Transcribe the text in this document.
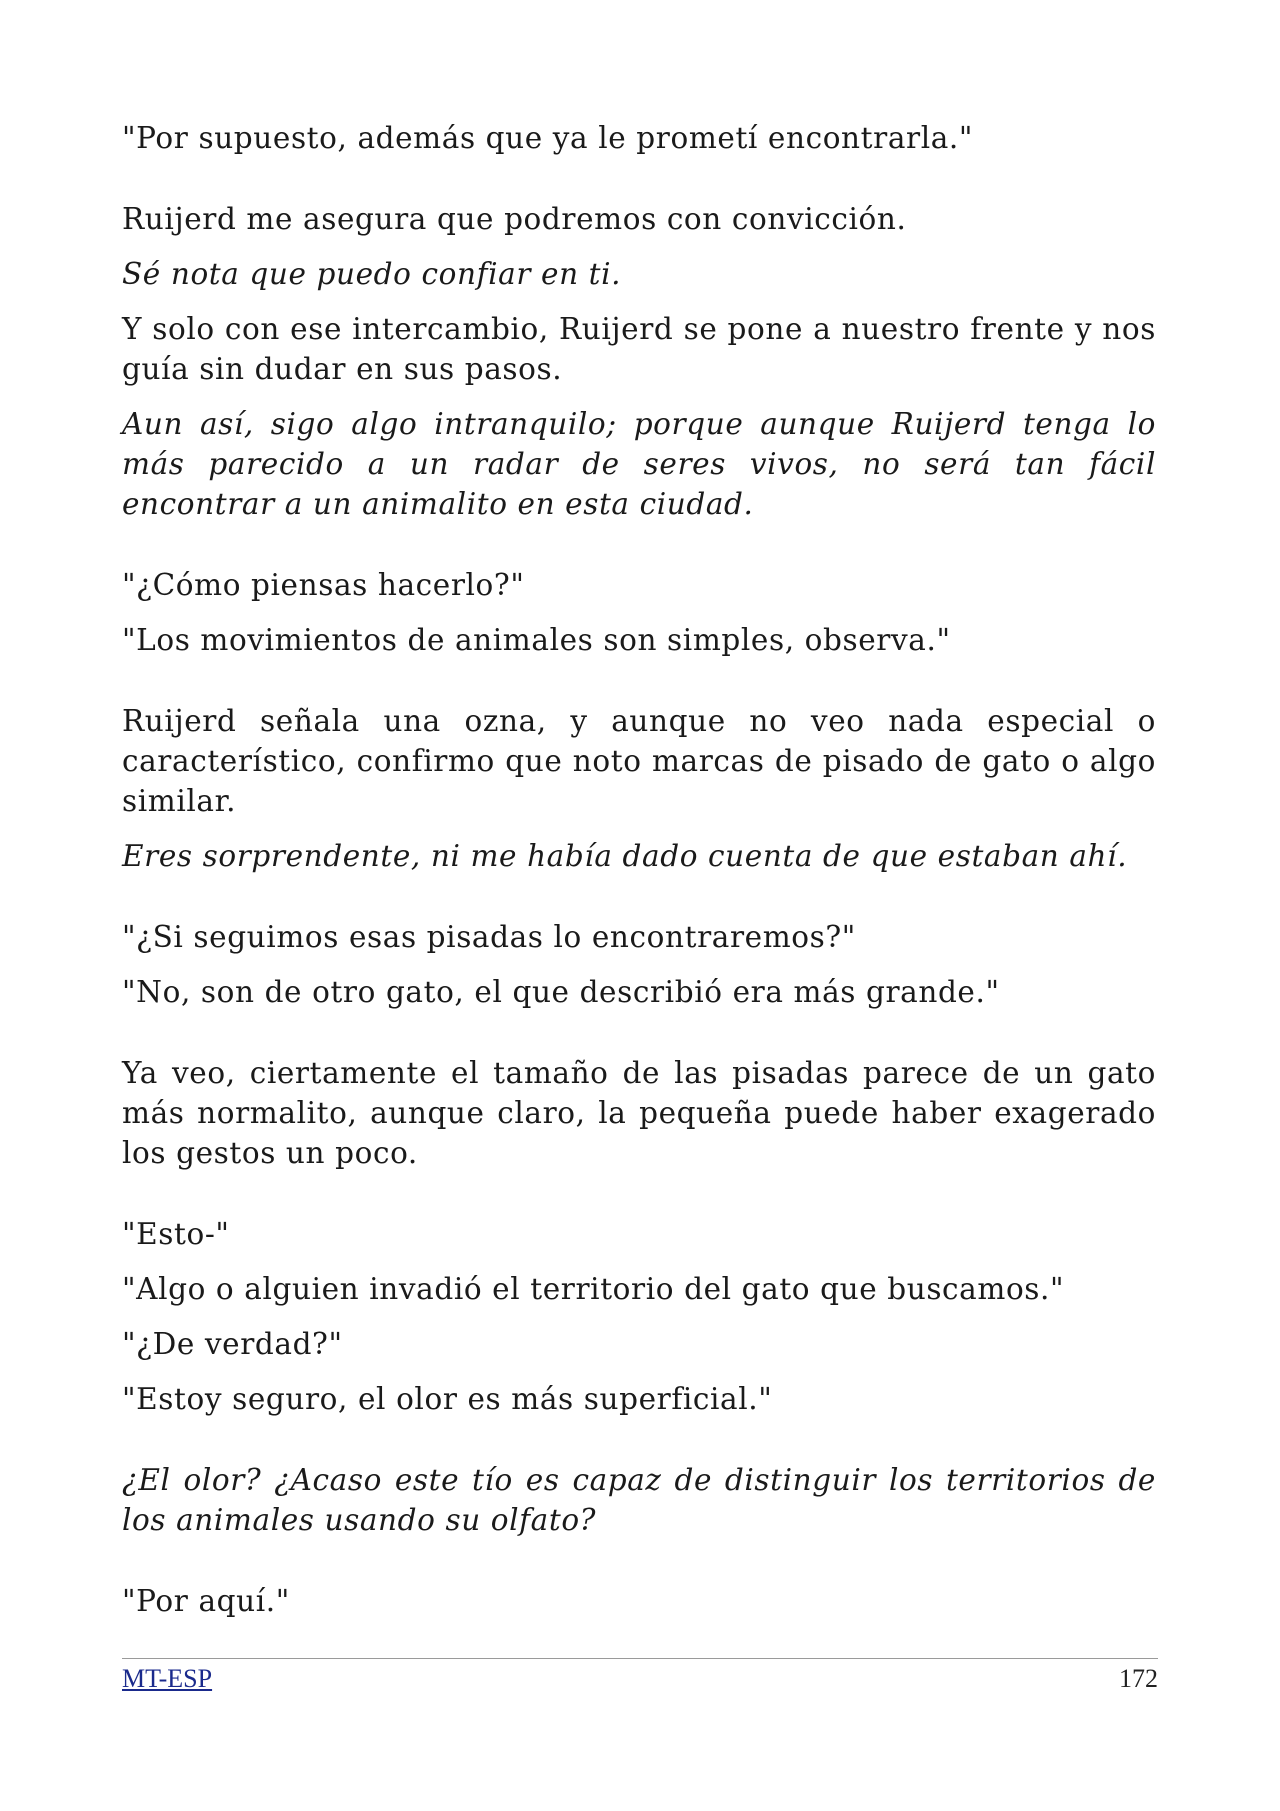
"Por supuesto, además que ya le prometí encontrarla."

Ruijerd me asegura que podremos con convicción.

Sé nota que puedo confiar en ti.

Y solo con ese intercambio, Ruijerd se pone a nuestro frente y nos guía sin dudar en sus pasos.

Aun así, sigo algo intranquilo; porque aunque Ruijerd tenga lo más parecido a un radar de seres vivos, no será tan fácil encontrar a un animalito en esta ciudad.

"¿Cómo piensas hacerlo?"

"Los movimientos de animales son simples, observa."

Ruijerd señala una ozna, y aunque no veo nada especial o característico, confirmo que noto marcas de pisado de gato o algo similar.

Eres sorprendente, ni me había dado cuenta de que estaban ahí.

"¿Si seguimos esas pisadas lo encontraremos?"

"No, son de otro gato, el que describió era más grande."

Ya veo, ciertamente el tamaño de las pisadas parece de un gato más normalito, aunque claro, la pequeña puede haber exagerado los gestos un poco.

"Esto-"

"Algo o alguien invadió el territorio del gato que buscamos."

"¿De verdad?"

"Estoy seguro, el olor es más superficial."

¿El olor? ¿Acaso este tío es capaz de distinguir los territorios de los animales usando su olfato?

"Por aquí."

MT-ESP	172
